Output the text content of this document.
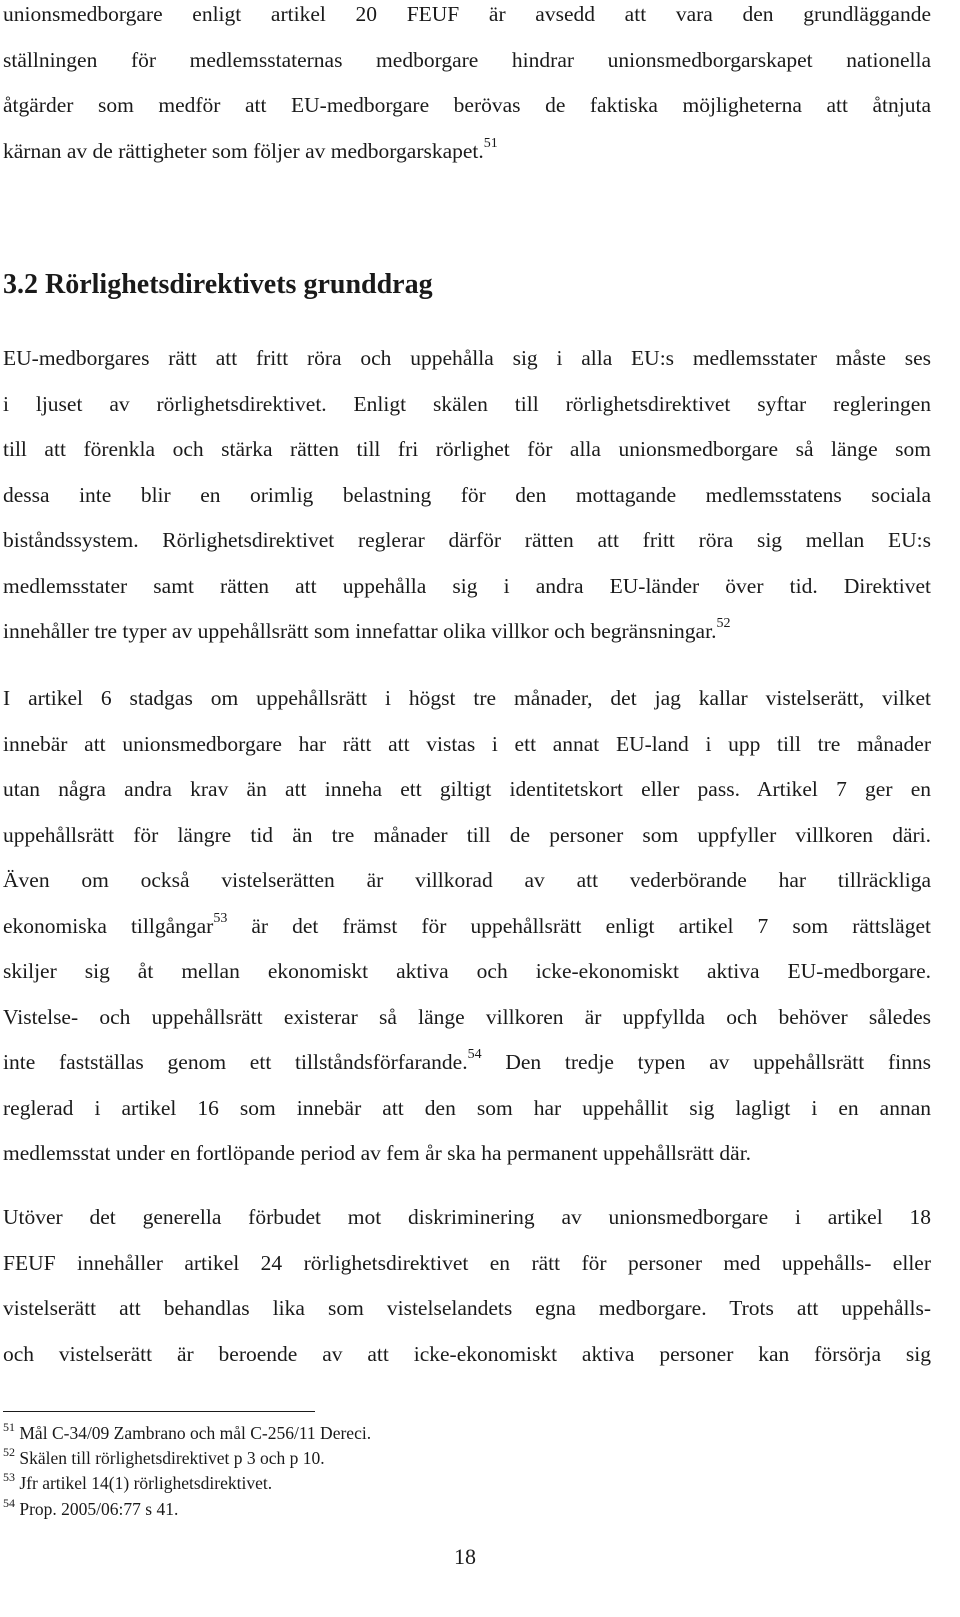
unionsmedborgare enligt artikel 20 FEUF är avsedd att vara den grundläggande
ställningen för medlemsstaternas medborgare hindrar unionsmedborgarskapet nationella
åtgärder som medför att EU-medborgare berövas de faktiska möjligheterna att åtnjuta
kärnan av de rättigheter som följer av medborgarskapet.$^{51}$
3.2 Rörlighetsdirektivets grunddrag
EU-medborgares rätt att fritt röra och uppehålla sig i alla EU:s medlemsstater måste ses
i ljuset av rörlighetsdirektivet. Enligt skälen till rörlighetsdirektivet syftar regleringen
till att förenkla och stärka rätten till fri rörlighet för alla unionsmedborgare så länge som
dessa inte blir en orimlig belastning för den mottagande medlemsstatens sociala
biståndssystem. Rörlighetsdirektivet reglerar därför rätten att fritt röra sig mellan EU:s
medlemsstater samt rätten att uppehålla sig i andra EU-länder över tid. Direktivet
innehåller tre typer av uppehållsrätt som innefattar olika villkor och begränsningar.$^{52}$
I artikel 6 stadgas om uppehållsrätt i högst tre månader, det jag kallar vistelserätt, vilket
innebär att unionsmedborgare har rätt att vistas i ett annat EU-land i upp till tre månader
utan några andra krav än att inneha ett giltigt identitetskort eller pass. Artikel 7 ger en
uppehållsrätt för längre tid än tre månader till de personer som uppfyller villkoren däri.
Även om också vistelserätten är villkorad av att vederbörande har tillräckliga
ekonomiska tillgångar$^{53}$ är det främst för uppehållsrätt enligt artikel 7 som rättsläget
skiljer sig åt mellan ekonomiskt aktiva och icke-ekonomiskt aktiva EU-medborgare.
Vistelse- och uppehållsrätt existerar så länge villkoren är uppfyllda och behöver således
inte fastställas genom ett tillståndsförfarande.$^{54}$ Den tredje typen av uppehållsrätt finns
reglerad i artikel 16 som innebär att den som har uppehållit sig lagligt i en annan
medlemsstat under en fortlöpande period av fem år ska ha permanent uppehållsrätt där.
Utöver det generella förbudet mot diskriminering av unionsmedborgare i artikel 18
FEUF innehåller artikel 24 rörlighetsdirektivet en rätt för personer med uppehålls- eller
vistelserätt att behandlas lika som vistelselandets egna medborgare. Trots att uppehålls-
och vistelserätt är beroende av att icke-ekonomiskt aktiva personer kan försörja sig
$^{51}$ Mål C-34/09 Zambrano och mål C-256/11 Dereci.
$^{52}$ Skälen till rörlighetsdirektivet p 3 och p 10.
$^{53}$ Jfr artikel 14(1) rörlighetsdirektivet.
$^{54}$ Prop. 2005/06:77 s 41.
18
